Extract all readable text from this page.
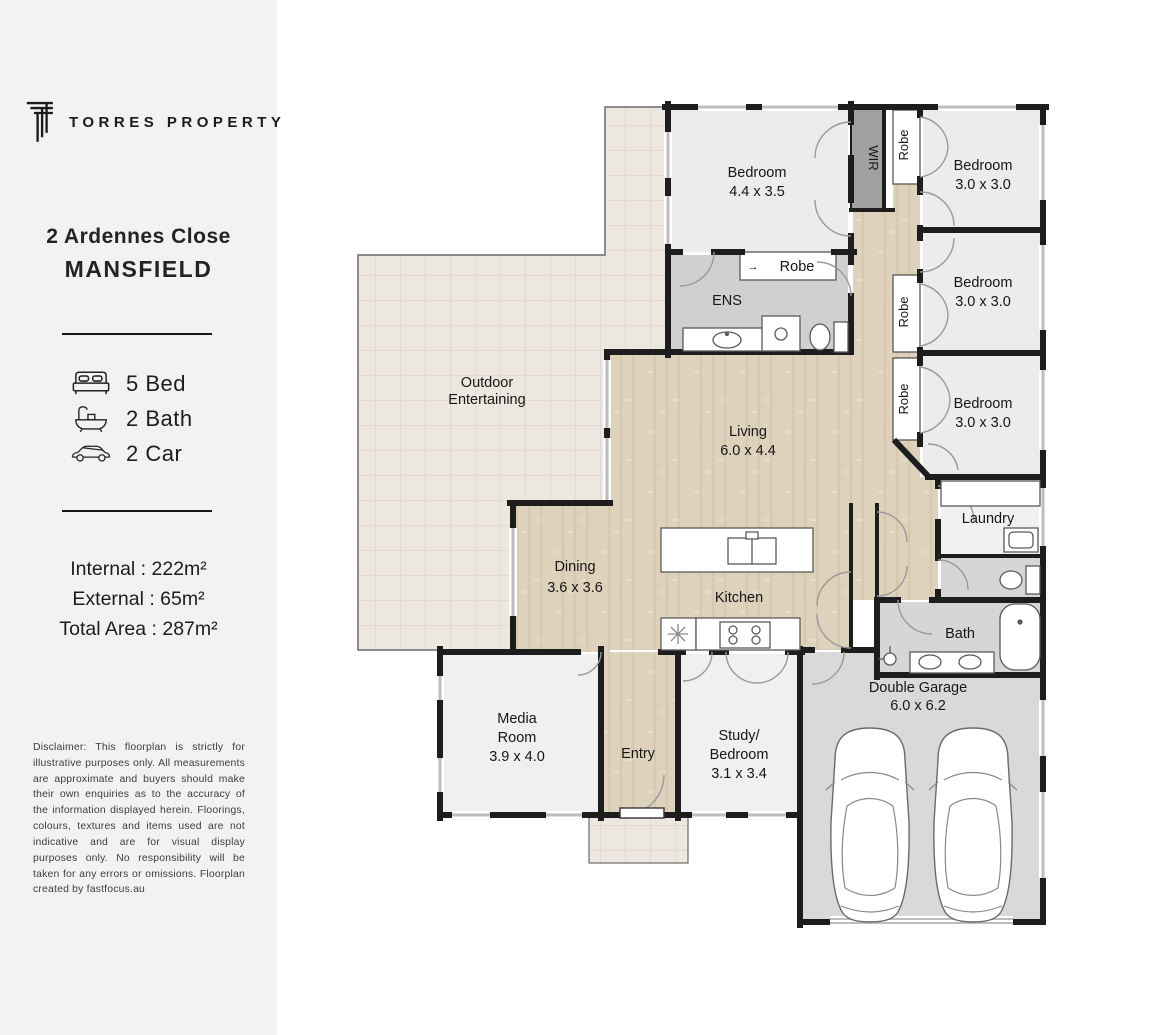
TORRES PROPERTY
2 Ardennes Close
MANSFIELD
5 Bed
2 Bath
2 Car
Internal : 222m²
External : 65m²
Total Area : 287m²
Disclaimer: This floorplan is strictly for illustrative purposes only. All measurements are approximate and buyers should make their own enquiries as to the accuracy of the information displayed herein. Floorings, colours, textures and items used are not indicative and are for visual display purposes only. No responsibility will be taken for any errors or omissions. Floorplan created by fastfocus.au
Bedroom
4.4 x 3.5
WIR
Robe
→
Robe
Robe
Robe
Bedroom
3.0 x 3.0
Bedroom
3.0 x 3.0
Bedroom
3.0 x 3.0
ENS
Living
6.0 x 4.4
Outdoor
Entertaining
Dining
3.6 x 3.6
Kitchen
Laundry
Bath
Double Garage
6.0 x 6.2
Media
Room
3.9 x 4.0	Entry
Study/
Bedroom
3.1 x 3.4
